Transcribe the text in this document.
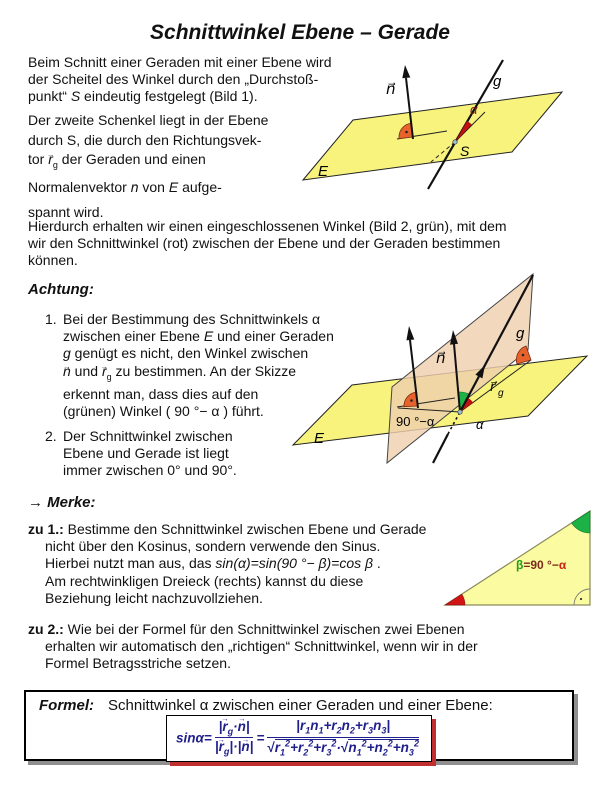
Schnittwinkel Ebene – Gerade
Beim Schnitt einer Geraden mit einer Ebene wird
der Scheitel des Winkel durch den „Durchstoß-
punkt“ S eindeutig festgelegt (Bild 1).
Der zweite Schenkel liegt in der Ebene
durch S, die durch den Richtungsvek-
tor $r \to_g$ der Geraden und einen
Normalenvektor n → von E aufge-
spannt wird.
n⃗	g
α
S
E
Hierdurch erhalten wir einen eingeschlossenen Winkel (Bild 2, grün), mit dem
wir den Schnittwinkel (rot) zwischen der Ebene und der Geraden bestimmen
können.
Achtung:
1. Bei der Bestimmung des Schnittwinkels α
zwischen einer Ebene E und einer Geraden
g genügt es nicht, den Winkel zwischen
n → und $r \to_g$ zu bestimmen. An der Skizze
erkennt man, dass dies auf den
(grünen) Winkel ( 90 °− α ) führt.
2. Der Schnittwinkel zwischen
Ebene und Gerade ist liegt
immer zwischen 0° und 90°.
n⃗
g
r⃗ g
90 °−α	α
E
→ Merke:
zu 1.: Bestimme den Schnittwinkel zwischen Ebene und Gerade
nicht über den Kosinus, sondern verwende den Sinus.
Hierbei nutzt man aus, das sin(α)=sin(90 °− β)=cos β .
Am rechtwinkligen Dreieck (rechts) kannst du diese
Beziehung leicht nachzuvollziehen.
β=90 °−α
zu 2.: Wie bei der Formel für den Schnittwinkel zwischen zwei Ebenen
erhalten wir automatisch den „richtigen“ Schnittwinkel, wenn wir in der
Formel Betragsstriche setzen.
Formel: Schnittwinkel α zwischen einer Geraden und einer Ebene:
$\sin\alpha= \frac{|r \to_g\cdot n \to|}{|r \to_g|\cdot|n \to|} = |r_1n_1+r_2n_2+r_3n_3|$
√ $r_1^2+r_2^2+r_3^2\cdot$ √ $n_1^2+n_2^2+n_3^2$
